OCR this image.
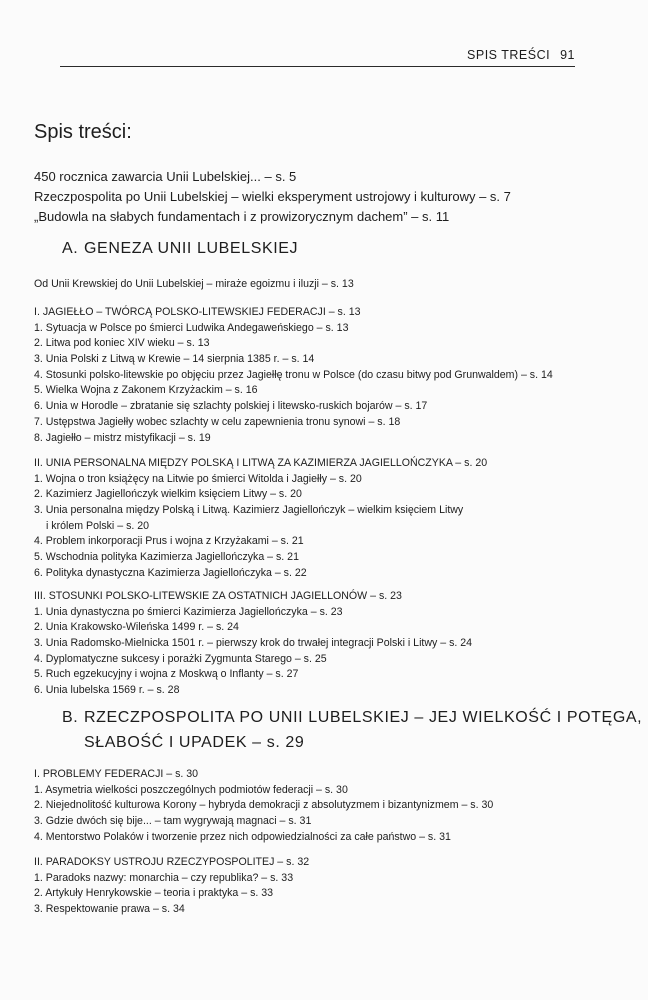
SPIS TREŚCI 91
Spis treści:
450 rocznica zawarcia Unii Lubelskiej... – s. 5
Rzeczpospolita po Unii Lubelskiej – wielki eksperyment ustrojowy i kulturowy – s. 7
„Budowla na słabych fundamentach i z prowizorycznym dachem” – s. 11
A. GENEZA UNII LUBELSKIEJ
Od Unii Krewskiej do Unii Lubelskiej – miraże egoizmu i iluzji – s. 13
I. JAGIEŁŁO – TWÓRCĄ POLSKO-LITEWSKIEJ FEDERACJI – s. 13
1. Sytuacja w Polsce po śmierci Ludwika Andegaweńskiego – s. 13
2. Litwa pod koniec XIV wieku – s. 13
3. Unia Polski z Litwą w Krewie – 14 sierpnia 1385 r. – s. 14
4. Stosunki polsko-litewskie po objęciu przez Jagiełłę tronu w Polsce (do czasu bitwy pod Grunwaldem) – s. 14
5. Wielka Wojna z Zakonem Krzyżackim – s. 16
6. Unia w Horodle – zbratanie się szlachty polskiej i litewsko-ruskich bojarów – s. 17
7. Ustępstwa Jagiełły wobec szlachty w celu zapewnienia tronu synowi – s. 18
8. Jagiełło – mistrz mistyfikacji – s. 19
II. UNIA PERSONALNA MIĘDZY POLSKĄ I LITWĄ ZA KAZIMIERZA JAGIELLOŃCZYKA – s. 20
1. Wojna o tron książęcy na Litwie po śmierci Witolda i Jagiełły – s. 20
2. Kazimierz Jagiellończyk wielkim księciem Litwy – s. 20
3. Unia personalna między Polską i Litwą. Kazimierz Jagiellończyk – wielkim księciem Litwy
i królem Polski – s. 20
4. Problem inkorporacji Prus i wojna z Krzyżakami – s. 21
5. Wschodnia polityka Kazimierza Jagiellończyka – s. 21
6. Polityka dynastyczna Kazimierza Jagiellończyka – s. 22
III. STOSUNKI POLSKO-LITEWSKIE ZA OSTATNICH JAGIELLONÓW – s. 23
1. Unia dynastyczna po śmierci Kazimierza Jagiellończyka – s. 23
2. Unia Krakowsko-Wileńska 1499 r. – s. 24
3. Unia Radomsko-Mielnicka 1501 r. – pierwszy krok do trwałej integracji Polski i Litwy – s. 24
4. Dyplomatyczne sukcesy i porażki Zygmunta Starego – s. 25
5. Ruch egzekucyjny i wojna z Moskwą o Inflanty – s. 27
6. Unia lubelska 1569 r. – s. 28
B. RZECZPOSPOLITA PO UNII LUBELSKIEJ – JEJ WIELKOŚĆ I POTĘGA,
SŁABOŚĆ I UPADEK – s. 29
I. PROBLEMY FEDERACJI – s. 30
1. Asymetria wielkości poszczególnych podmiotów federacji – s. 30
2. Niejednolitość kulturowa Korony – hybryda demokracji z absolutyzmem i bizantynizmem – s. 30
3. Gdzie dwóch się bije... – tam wygrywają magnaci – s. 31
4. Mentorstwo Polaków i tworzenie przez nich odpowiedzialności za całe państwo – s. 31
II. PARADOKSY USTROJU RZECZYPOSPOLITEJ – s. 32
1. Paradoks nazwy: monarchia – czy republika? – s. 33
2. Artykuły Henrykowskie – teoria i praktyka – s. 33
3. Respektowanie prawa – s. 34
